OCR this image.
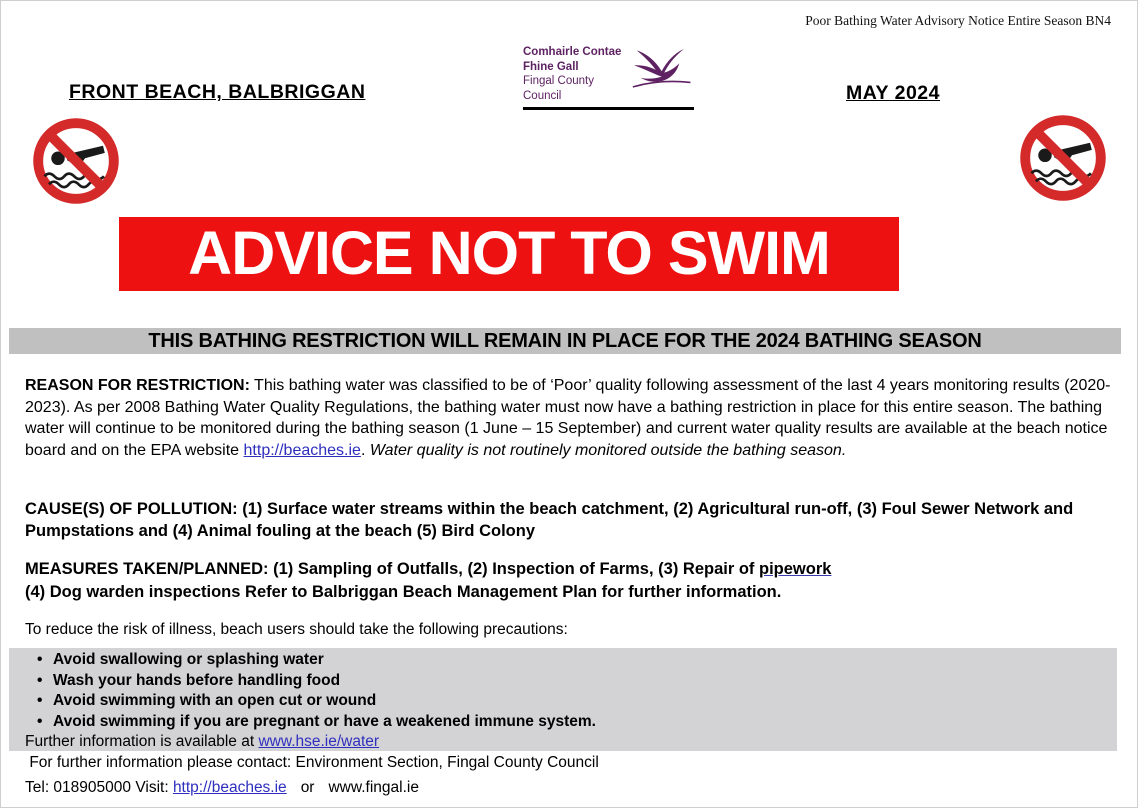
Poor Bathing Water Advisory Notice Entire Season BN4
FRONT BEACH, BALBRIGGAN	MAY 2024
Comhairle Contae
Fhine Gall
Fingal County
Council
ADVICE NOT TO SWIM
THIS BATHING RESTRICTION WILL REMAIN IN PLACE FOR THE 2024 BATHING SEASON

REASON FOR RESTRICTION: This bathing water was classified to be of ‘Poor’ quality following assessment of the last 4 years monitoring results (2020-2023). As per 2008 Bathing Water Quality Regulations, the bathing water must now have a bathing restriction in place for this entire season. The bathing water will continue to be monitored during the bathing season (1 June – 15 September) and current water quality results are available at the beach notice board and on the EPA website http://beaches.ie. Water quality is not routinely monitored outside the bathing season.

CAUSE(S) OF POLLUTION: (1) Surface water streams within the beach catchment, (2) Agricultural run-off, (3) Foul Sewer Network and Pumpstations and (4) Animal fouling at the beach (5) Bird Colony

MEASURES TAKEN/PLANNED: (1) Sampling of Outfalls, (2) Inspection of Farms, (3) Repair of pipework
(4) Dog warden inspections Refer to Balbriggan Beach Management Plan for further information.

To reduce the risk of illness, beach users should take the following precautions:

• Avoid swallowing or splashing water
• Wash your hands before handling food
• Avoid swimming with an open cut or wound
• Avoid swimming if you are pregnant or have a weakened immune system.
Further information is available at www.hse.ie/water
For further information please contact: Environment Section, Fingal County Council
Tel: 018905000 Visit: http://beaches.ie or www.fingal.ie
